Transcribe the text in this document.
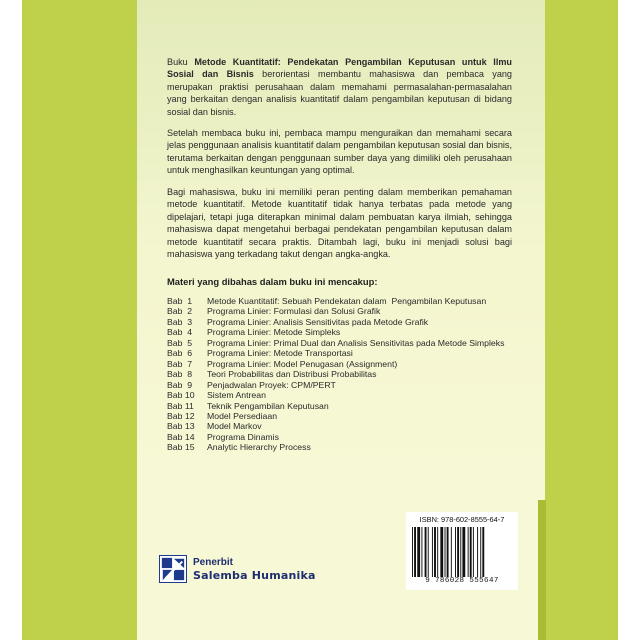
Buku Metode Kuantitatif: Pendekatan Pengambilan Keputusan untuk Ilmu Sosial dan Bisnis berorientasi membantu mahasiswa dan pembaca yang merupakan praktisi perusahaan dalam memahami permasalahan-permasalahan yang berkaitan dengan analisis kuantitatif dalam pengambilan keputusan di bidang sosial dan bisnis.
Setelah membaca buku ini, pembaca mampu menguraikan dan memahami secara jelas penggunaan analisis kuantitatif dalam pengambilan keputusan sosial dan bisnis, terutama berkaitan dengan penggunaan sumber daya yang dimiliki oleh perusahaan untuk menghasilkan keuntungan yang optimal.
Bagi mahasiswa, buku ini memiliki peran penting dalam memberikan pemahaman metode kuantitatif. Metode kuantitatif tidak hanya terbatas pada metode yang dipelajari, tetapi juga diterapkan minimal dalam pembuatan karya ilmiah, sehingga mahasiswa dapat mengetahui berbagai pendekatan pengambilan keputusan dalam metode kuantitatif secara praktis. Ditambah lagi, buku ini menjadi solusi bagi mahasiswa yang terkadang takut dengan angka-angka.
Materi yang dibahas dalam buku ini mencakup:
Bab  1	Metode Kuantitatif: Sebuah Pendekatan dalam  Pengambilan Keputusan
Bab  2	Programa Linier: Formulasi dan Solusi Grafik
Bab  3	Programa Linier: Analisis Sensitivitas pada Metode Grafik
Bab  4	Programa Linier: Metode Simpleks
Bab  5	Programa Linier: Primal Dual dan Analisis Sensitivitas pada Metode Simpleks
Bab  6	Programa Linier: Metode Transportasi
Bab  7	Programa Linier: Model Penugasan (Assignment)
Bab  8	Teori Probabilitas dan Distribusi Probabilitas
Bab  9	Penjadwalan Proyek: CPM/PERT
Bab 10	Sistem Antrean
Bab 11	Teknik Pengambilan Keputusan
Bab 12	Model Persediaan
Bab 13	Model Markov
Bab 14	Programa Dinamis
Bab 15	Analytic Hierarchy Process
Penerbit
Salemba Humanika
ISBN: 978-602-8555-64-7
9 786028 555647
